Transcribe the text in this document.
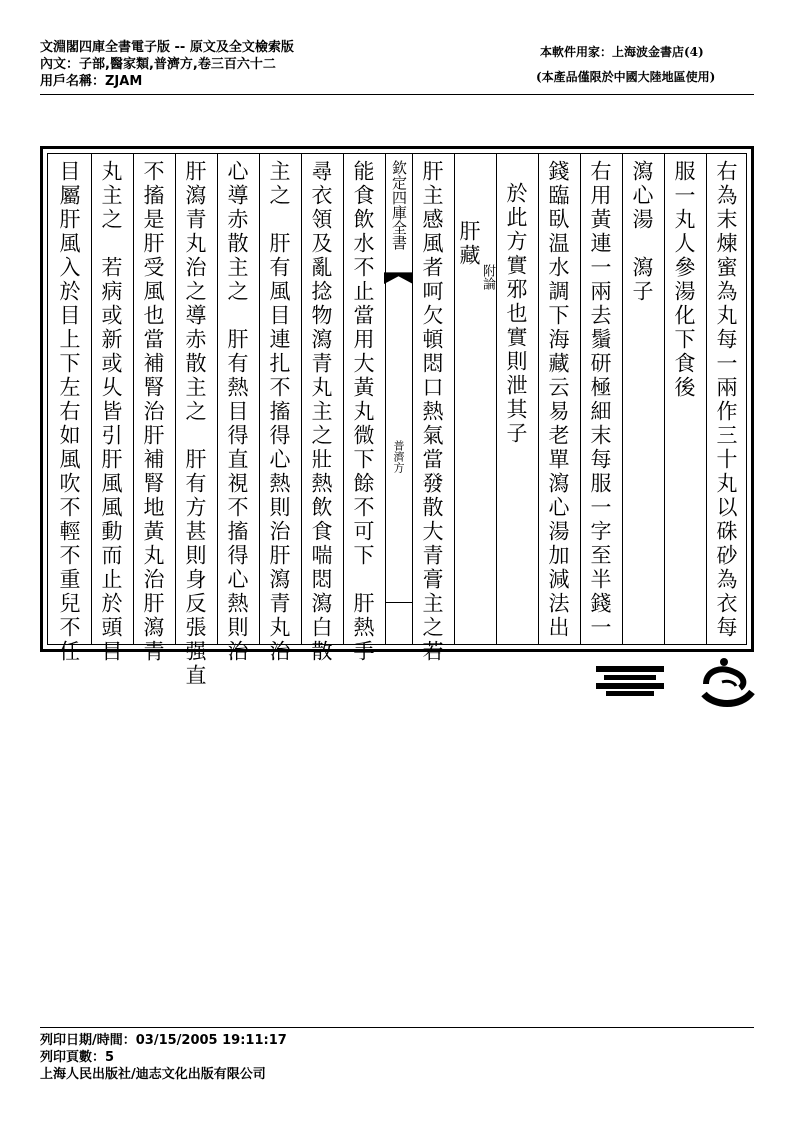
文淵閣四庫全書電子版 -- 原文及全文檢索版
內文：子部,醫家類,普濟方,卷三百六十二
用戶名稱：ZJAM
本軟件用家：上海波金書店(4)
(本產品僅限於中國大陸地區使用)
右為末煉蜜為丸每一兩作三十丸以硃砂為衣每
服一丸人參湯化下食後
瀉心湯　瀉子
右用黃連一兩去鬚研極細末每服一字至半錢一
錢臨臥温水調下海藏云易老單瀉心湯加減法出
於此方實邪也實則泄其子
肝藏
附論
肝主感風者呵欠頓悶口熱氣當發散大青膏主之若
欽定四庫全書
普濟方
能食飲水不止當用大黃丸微下餘不可下　肝熱手
尋衣領及亂捻物瀉青丸主之壯熱飲食喘悶瀉白散
主之　肝有風目連扎不搐得心熱則治肝瀉青丸治
心導赤散主之　肝有熱目得直視不搐得心熱則治
肝瀉青丸治之導赤散主之　肝有方甚則身反張强直
不搐是肝受風也當補腎治肝補腎地黃丸治肝瀉青
丸主之　若病或新或乆皆引肝風風動而止於頭目
目屬肝風入於目上下左右如風吹不輕不重兒不任
列印日期/時間：03/15/2005 19:11:17
列印頁數：5
上海人民出版社/迪志文化出版有限公司
